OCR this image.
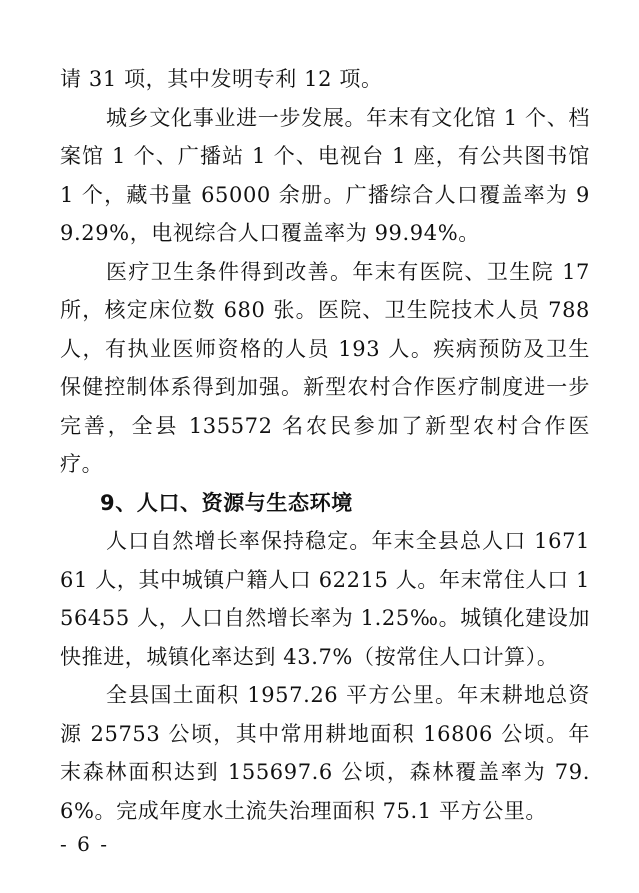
请 31 项，其中发明专利 12 项。

城乡文化事业进一步发展。年末有文化馆 1 个、档案馆 1 个、广播站 1 个、电视台 1 座，有公共图书馆 1 个，藏书量 65000 余册。广播综合人口覆盖率为 99.29%，电视综合人口覆盖率为 99.94%。

医疗卫生条件得到改善。年末有医院、卫生院 17 所，核定床位数 680 张。医院、卫生院技术人员 788 人，有执业医师资格的人员 193 人。疾病预防及卫生保健控制体系得到加强。新型农村合作医疗制度进一步完善，全县 135572 名农民参加了新型农村合作医疗。

9、人口、资源与生态环境

人口自然增长率保持稳定。年末全县总人口 167161 人，其中城镇户籍人口 62215 人。年末常住人口 156455 人，人口自然增长率为 1.25‰。城镇化建设加快推进，城镇化率达到 43.7%（按常住人口计算）。

全县国土面积 1957.26 平方公里。年末耕地总资源 25753 公顷，其中常用耕地面积 16806 公顷。年末森林面积达到 155697.6 公顷，森林覆盖率为 79.6%。完成年度水土流失治理面积 75.1 平方公里。

- 6 -
